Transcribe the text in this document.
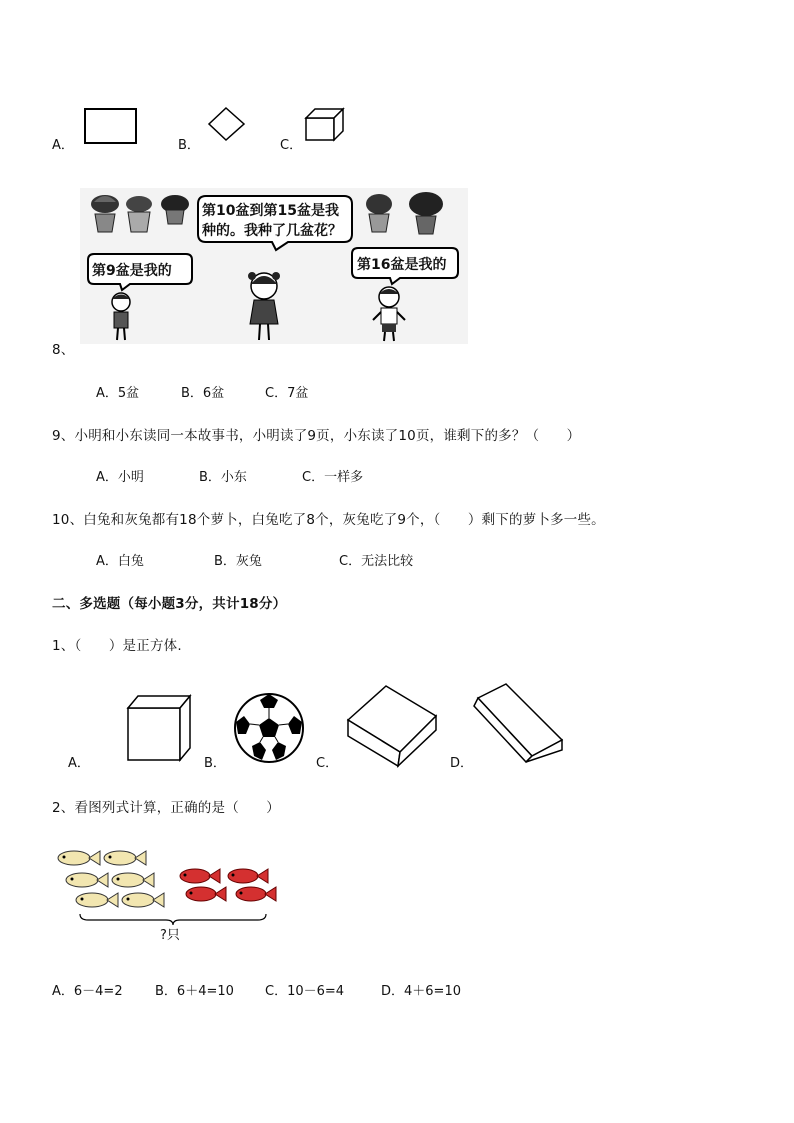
A．	B．	C．
第10盆到第15盆是我
种的。我种了几盆花？
第9盆是我的	第16盆是我的
8、
A．5盆	B．6盆	C．7盆
9、小明和小东读同一本故事书，小明读了9页，小东读了10页，谁剩下的多？（　　）
A．小明	B．小东	C．一样多
10、白兔和灰兔都有18个萝卜，白兔吃了8个，灰兔吃了9个，（　　）剩下的萝卜多一些。
A．白兔	B．灰兔	C．无法比较
二、多选题（每小题3分，共计18分）
1、（　　）是正方体.
A．	B．	C．	D．
2、看图列式计算，正确的是（　　）
?只
A．6－4=2 B．6＋4=10 C．10－6=4	D．4＋6=10
